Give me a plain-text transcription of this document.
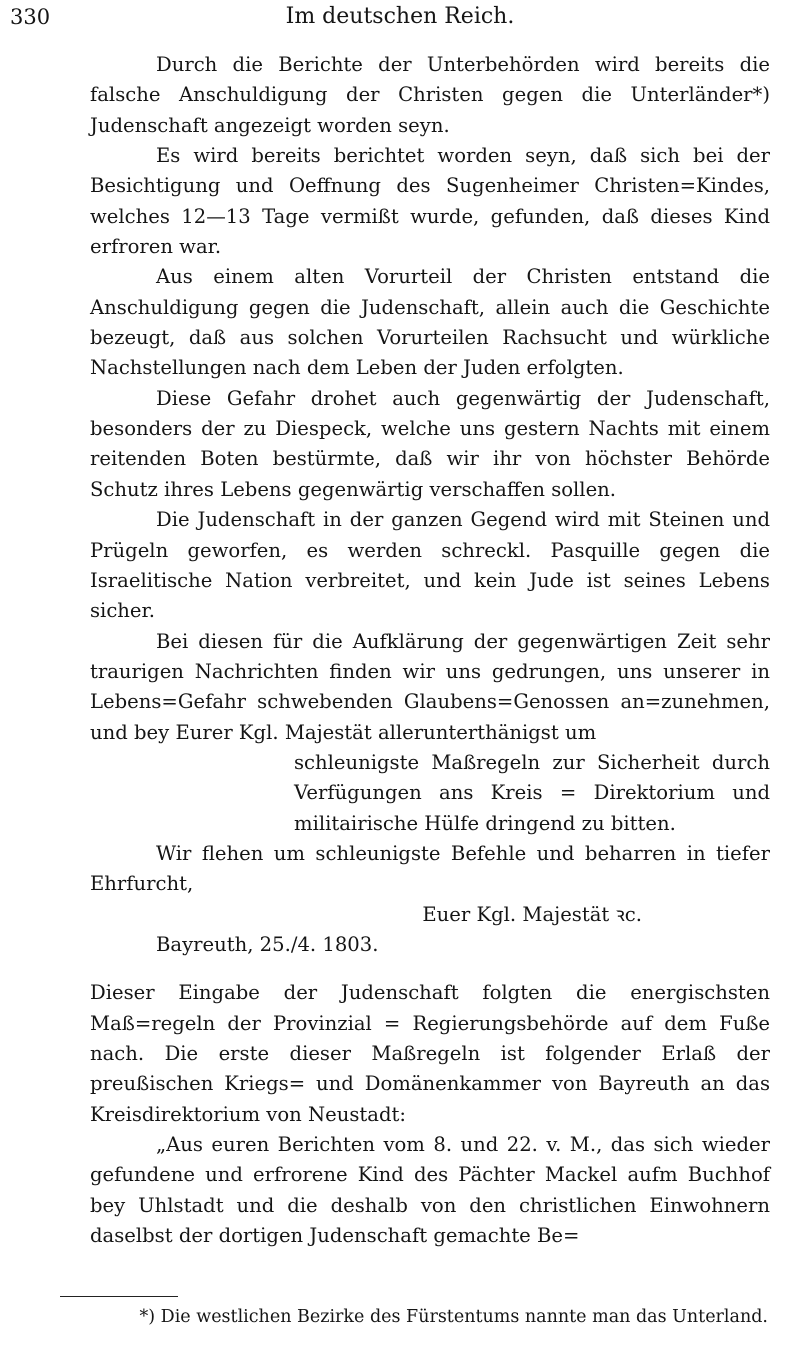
330	Im deutschen Reich.

Durch die Berichte der Unterbehörden wird bereits die falsche Anschuldigung der Christen gegen die Unterländer*) Judenschaft angezeigt worden seyn.

Es wird bereits berichtet worden seyn, daß sich bei der Besichtigung und Oeffnung des Sugenheimer Christen=Kindes, welches 12—13 Tage vermißt wurde, gefunden, daß dieses Kind erfroren war.

Aus einem alten Vorurteil der Christen entstand die Anschuldigung gegen die Judenschaft, allein auch die Geschichte bezeugt, daß aus solchen Vorurteilen Rachsucht und würkliche Nachstellungen nach dem Leben der Juden erfolgten.

Diese Gefahr drohet auch gegenwärtig der Judenschaft, besonders der zu Diespeck, welche uns gestern Nachts mit einem reitenden Boten bestürmte, daß wir ihr von höchster Behörde Schutz ihres Lebens gegenwärtig verschaffen sollen.

Die Judenschaft in der ganzen Gegend wird mit Steinen und Prügeln geworfen, es werden schreckl. Pasquille gegen die Israelitische Nation verbreitet, und kein Jude ist seines Lebens sicher.

Bei diesen für die Aufklärung der gegenwärtigen Zeit sehr traurigen Nachrichten finden wir uns gedrungen, uns unserer in Lebens=Gefahr schwebenden Glaubens=Genossen an=zunehmen, und bey Eurer Kgl. Majestät allerunterthänigst um

schleunigste Maßregeln zur Sicherheit durch Verfügungen ans Kreis = Direktorium und militairische Hülfe dringend zu bitten.

Wir flehen um schleunigste Befehle und beharren in tiefer Ehrfurcht,

Euer Kgl. Majestät ꝛc.

Bayreuth, 25./4. 1803.

Dieser Eingabe der Judenschaft folgten die energischsten Maß=regeln der Provinzial = Regierungsbehörde auf dem Fuße nach. Die erste dieser Maßregeln ist folgender Erlaß der preußischen Kriegs= und Domänenkammer von Bayreuth an das Kreisdirektorium von Neustadt:

„Aus euren Berichten vom 8. und 22. v. M., das sich wieder gefundene und erfrorene Kind des Pächter Mackel aufm Buchhof bey Uhlstadt und die deshalb von den christlichen Einwohnern daselbst der dortigen Judenschaft gemachte Be=

*) Die westlichen Bezirke des Fürstentums nannte man das Unterland.
